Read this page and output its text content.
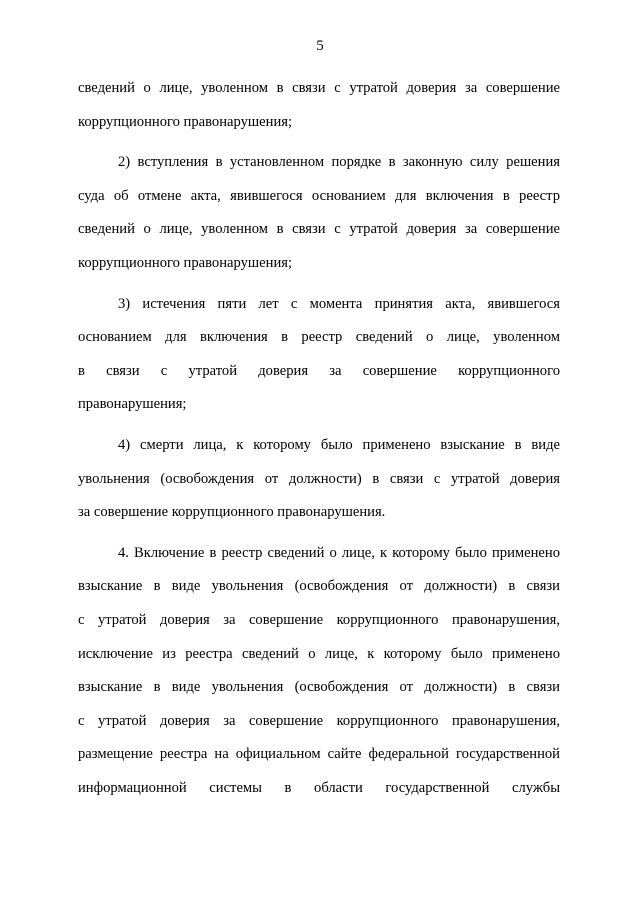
5
сведений о лице, уволенном в связи с утратой доверия за совершение
коррупционного правонарушения;
2) вступления в установленном порядке в законную силу решения
суда об отмене акта, явившегося основанием для включения в реестр
сведений о лице, уволенном в связи с утратой доверия за совершение
коррупционного правонарушения;
3) истечения пяти лет с момента принятия акта, явившегося
основанием для включения в реестр сведений о лице, уволенном
в связи с утратой доверия за совершение коррупционного
правонарушения;
4) смерти лица, к которому было применено взыскание в виде
увольнения (освобождения от должности) в связи с утратой доверия
за совершение коррупционного правонарушения.
4. Включение в реестр сведений о лице, к которому было применено
взыскание в виде увольнения (освобождения от должности) в связи
с утратой доверия за совершение коррупционного правонарушения,
исключение из реестра сведений о лице, к которому было применено
взыскание в виде увольнения (освобождения от должности) в связи
с утратой доверия за совершение коррупционного правонарушения,
размещение реестра на официальном сайте федеральной государственной
информационной системы в области государственной службы
